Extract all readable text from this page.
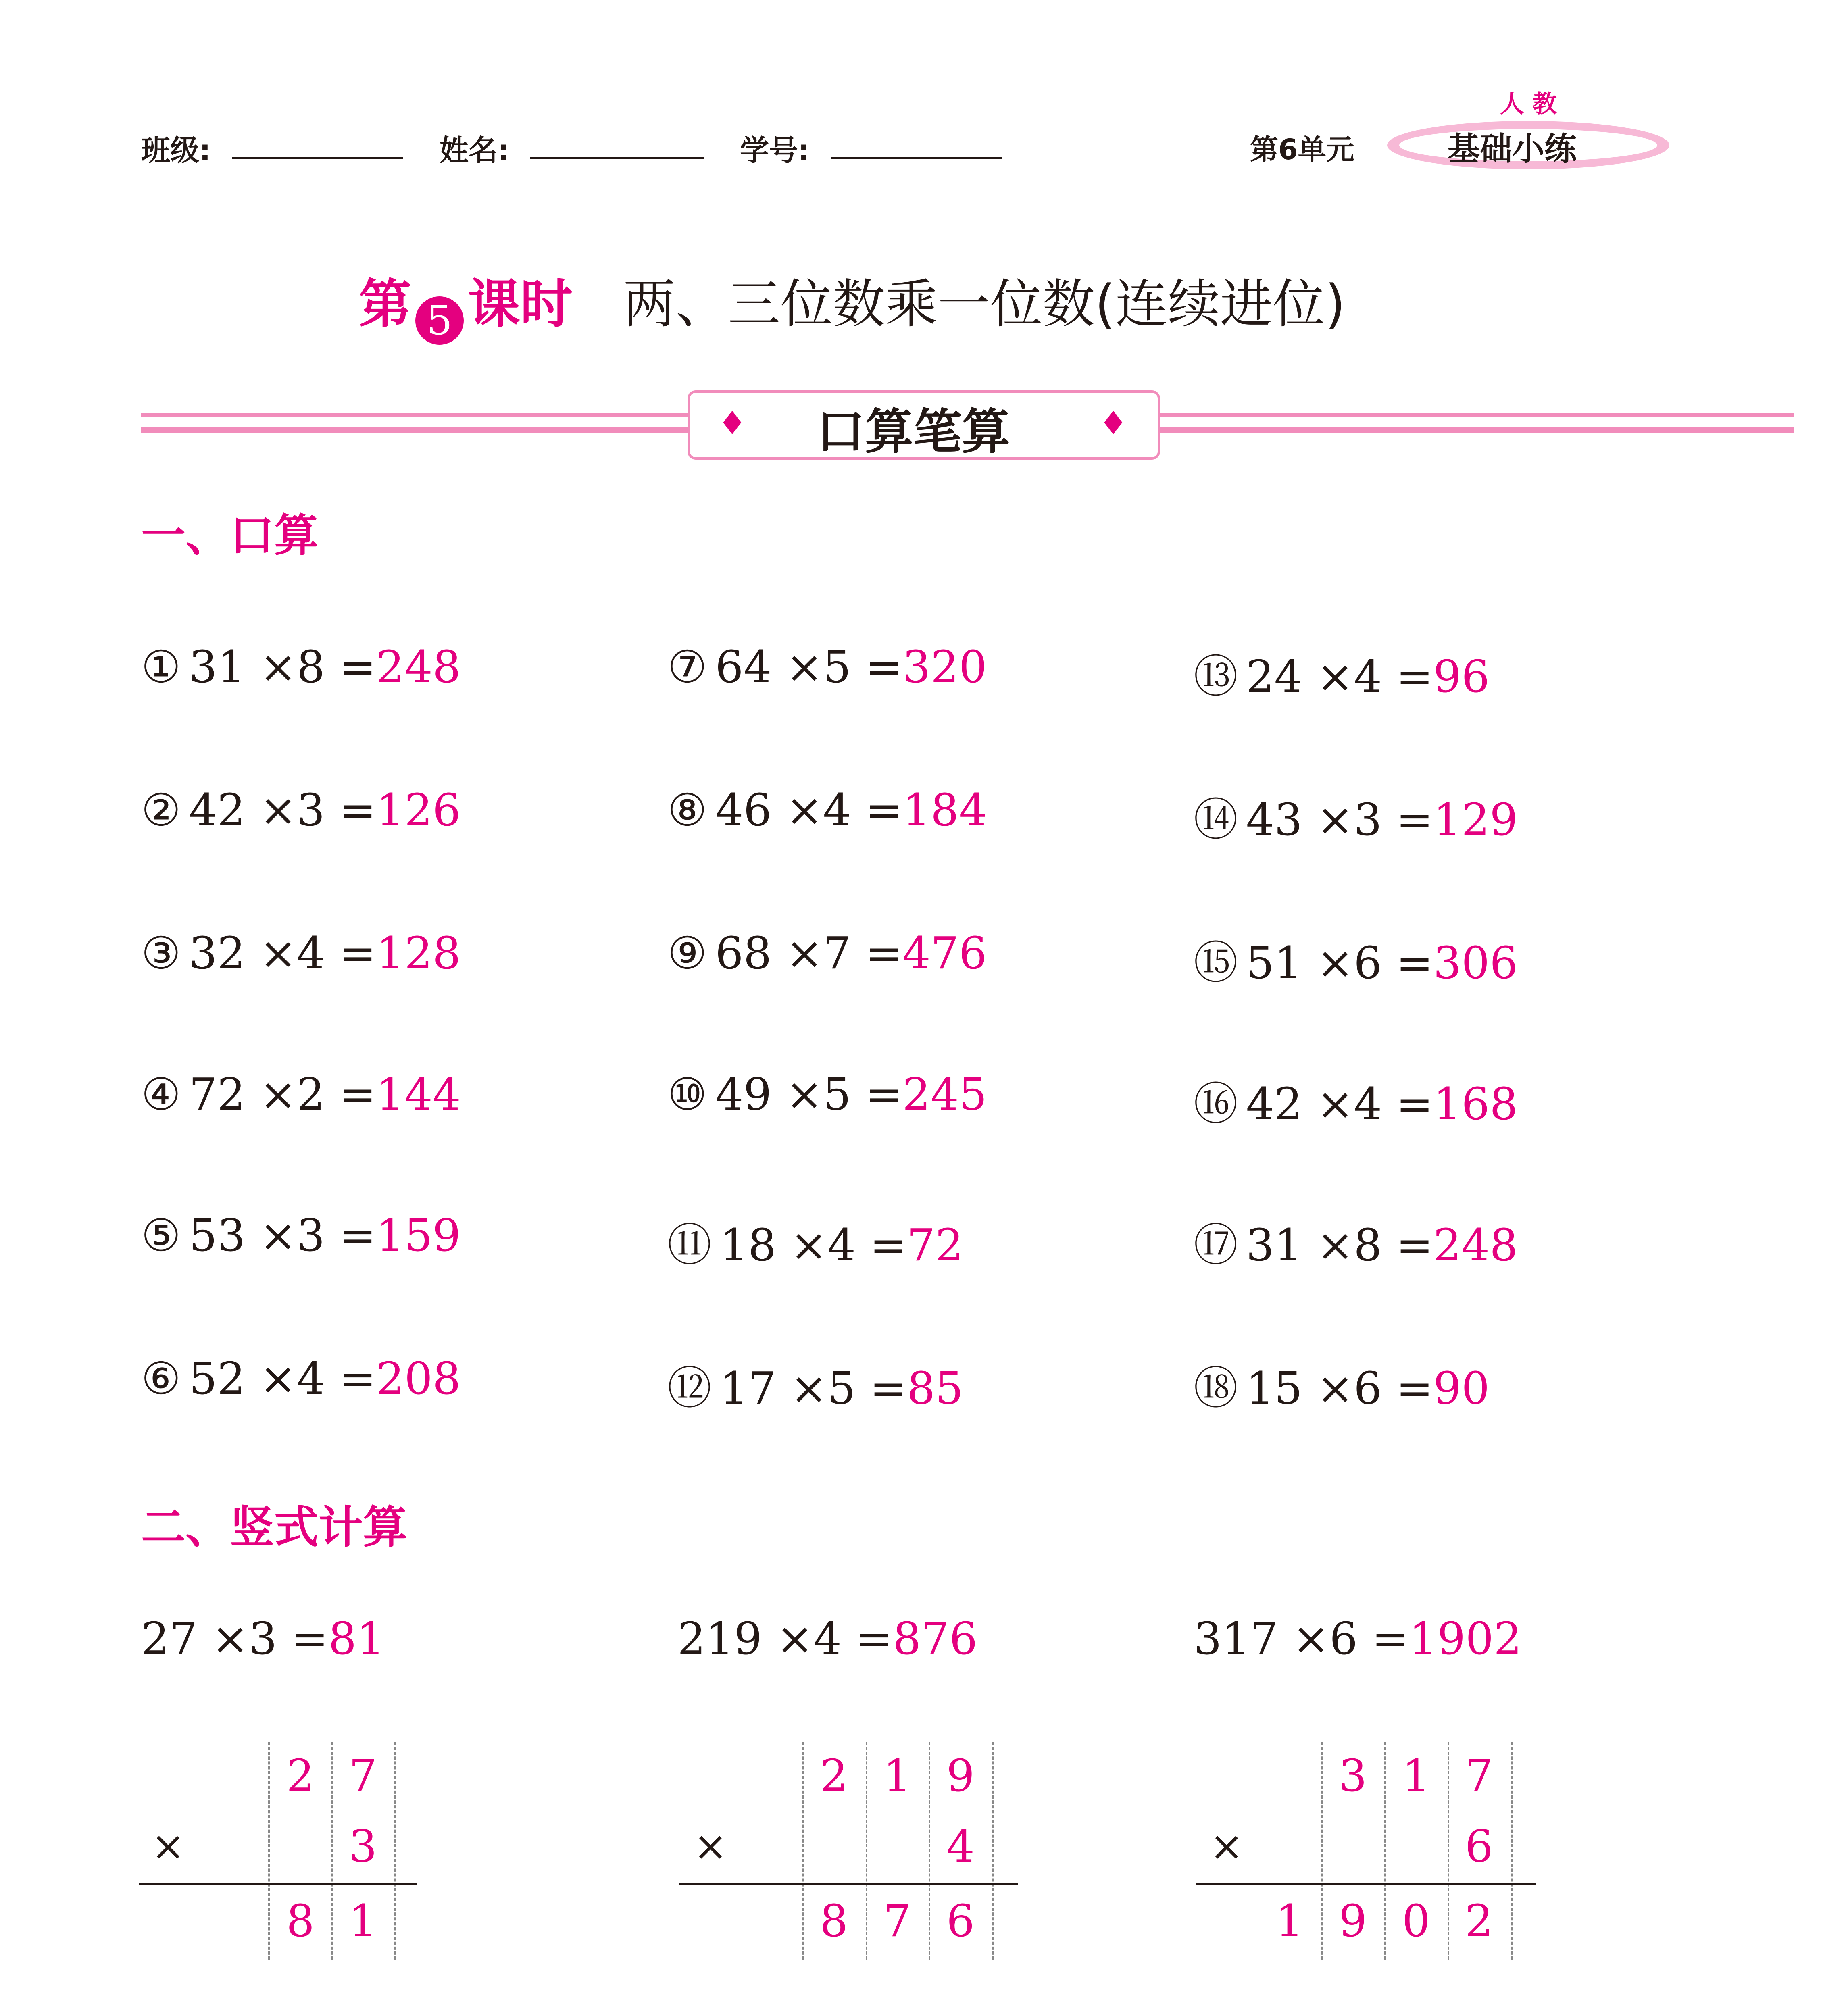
班级:	姓名:	学号:	第6单元
人 教
基础小练
第 5 课时 两、三位数乘一位数(连续进位)
♦ 口算笔算	♦
一、口算
① 31 ×8 =248
② 42 ×3 =126
③ 32 ×4 =128
④ 72 ×2 =144
⑤ 53 ×3 =159
⑥ 52 ×4 =208
⑦ 64 ×5 =320
⑧ 46 ×4 =184
⑨ 68 ×7 =476
⑩ 49 ×5 =245
⑪ 18 ×4 =72
⑫ 17 ×5 =85
⑬ 24 ×4 =96
⑭ 43 ×3 =129
⑮ 51 ×6 =306
⑯ 42 ×4 =168
⑰ 31 ×8 =248
⑱ 15 ×6 =90
二、竖式计算
27 ×3 =81	219 ×4 =876	317 ×6 =1902
2 7
×	3
8 1
2 1 9
×	4
8 7 6
3 1 7
×	6
1 9 0 2
